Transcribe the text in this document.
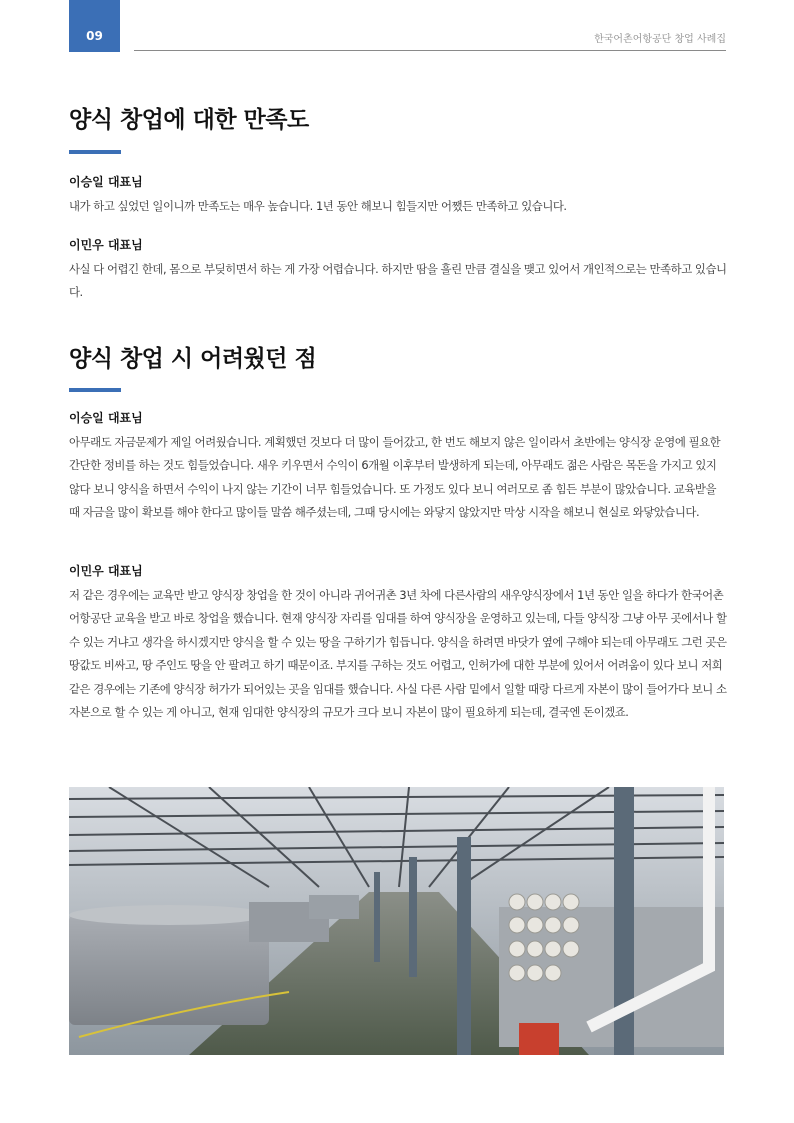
09	한국어촌어항공단 창업 사례집
양식 창업에 대한 만족도

이승일 대표님

내가 하고 싶었던 일이니까 만족도는 매우 높습니다. 1년 동안 해보니 힘들지만 어쨌든 만족하고 있습니다.

이민우 대표님

사실 다 어렵긴 한데, 몸으로 부딪히면서 하는 게 가장 어렵습니다. 하지만 땀을 흘린 만큼 결실을 맺고 있어서 개인적으로는 만족하고 있습니다.

양식 창업 시 어려웠던 점

이승일 대표님

아무래도 자금문제가 제일 어려웠습니다. 계획했던 것보다 더 많이 들어갔고, 한 번도 해보지 않은 일이라서 초반에는 양식장 운영에 필요한 간단한 정비를 하는 것도 힘들었습니다. 새우 키우면서 수익이 6개월 이후부터 발생하게 되는데, 아무래도 젊은 사람은 목돈을 가지고 있지 않다 보니 양식을 하면서 수익이 나지 않는 기간이 너무 힘들었습니다. 또 가정도 있다 보니 여러모로 좀 힘든 부분이 많았습니다. 교육받을 때 자금을 많이 확보를 해야 한다고 많이들 말씀 해주셨는데, 그때 당시에는 와닿지 않았지만 막상 시작을 해보니 현실로 와닿았습니다.

이민우 대표님

저 같은 경우에는 교육만 받고 양식장 창업을 한 것이 아니라 귀어귀촌 3년 차에 다른사람의 새우양식장에서 1년 동안 일을 하다가 한국어촌어항공단 교육을 받고 바로 창업을 했습니다. 현재 양식장 자리를 임대를 하여 양식장을 운영하고 있는데, 다들 양식장 그냥 아무 곳에서나 할 수 있는 거냐고 생각을 하시겠지만 양식을 할 수 있는 땅을 구하기가 힘듭니다. 양식을 하려면 바닷가 옆에 구해야 되는데 아무래도 그런 곳은 땅값도 비싸고, 땅 주인도 땅을 안 팔려고 하기 때문이죠. 부지를 구하는 것도 어렵고, 인허가에 대한 부분에 있어서 어려움이 있다 보니 저희 같은 경우에는 기존에 양식장 허가가 되어있는 곳을 임대를 했습니다. 사실 다른 사람 밑에서 일할 때랑 다르게 자본이 많이 들어가다 보니 소자본으로 할 수 있는 게 아니고, 현재 임대한 양식장의 규모가 크다 보니 자본이 많이 필요하게 되는데, 결국엔 돈이겠죠.
